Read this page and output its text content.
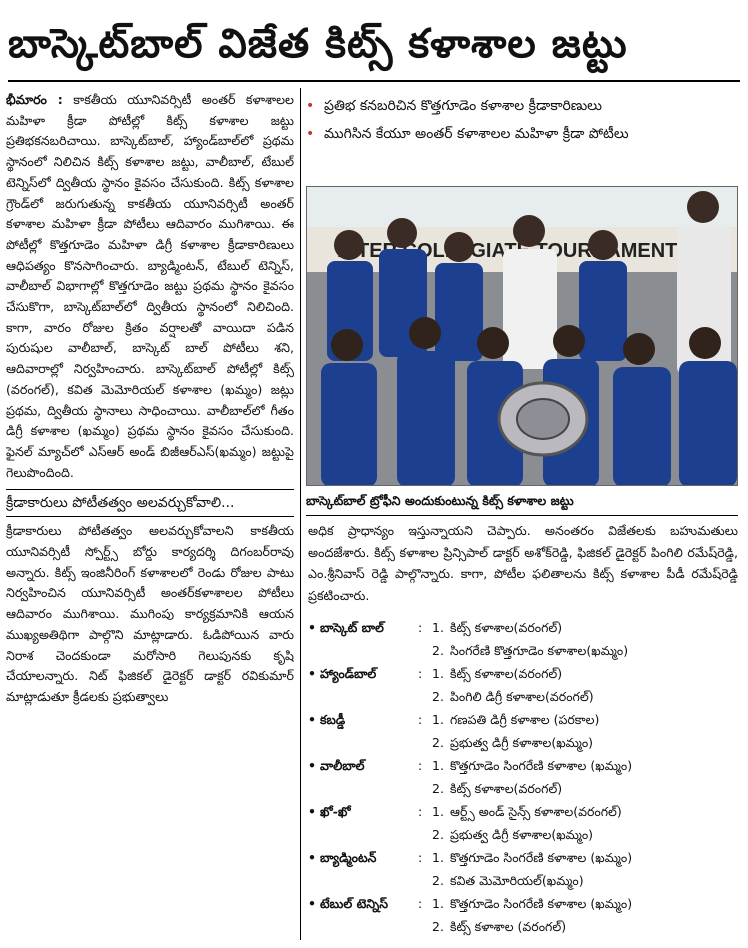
బాస్కెట్‌బాల్ విజేత కిట్స్ కళాశాల జట్టు

భీమారం : కాకతీయ యూనివర్సిటీ అంతర్ కళాశాలల మహిళా క్రీడా పోటీల్లో కిట్స్ కళాశాల జట్టు ప్రతిభకనబరిచాయి. బాస్కెట్‌బాల్, హ్యాండ్‌బాల్‌లో ప్రథమ స్థానంలో నిలిచిన కిట్స్ కళాశాల జట్టు, వాలీబాల్, టేబుల్ టెన్నిస్‌లో ద్వితీయ స్థానం కైవసం చేసుకుంది. కిట్స్ కళాశాల గ్రౌండ్‌లో జరుగుతున్న కాకతీయ యూనివర్సిటీ అంతర్ కళాశాల మహిళా క్రీడా పోటీలు ఆదివారం ముగిశాయి. ఈ పోటీల్లో కొత్తగూడెం మహిళా డిగ్రీ కళాశాల క్రీడాకారిణులు ఆధిపత్యం కొనసాగించారు. బ్యాడ్మింటన్, టేబుల్ టెన్నిస్, వాలీబాల్ విభాగాల్లో కొత్తగూడెం జట్టు ప్రథమ స్థానం కైవసం చేసుకొగా, బాస్కెట్‌బాల్‌లో ద్వితీయ స్థానంలో నిలిచింది. కాగా, వారం రోజుల క్రితం వర్షాలతో వాయిదా పడిన పురుషుల వాలీబాల్, బాస్కెట్ బాల్ పోటీలు శని, ఆదివారాల్లో నిర్వహించారు. బాస్కెట్‌బాల్ పోటీల్లో కిట్స్ (వరంగల్), కవిత మెమోరియల్ కళాశాల (ఖమ్మం) జట్లు ప్రథమ, ద్వితీయ స్థానాలు సాధించాయి. వాలీబాల్‌లో గీతం డిగ్రీ కళాశాల (ఖమ్మం) ప్రథమ స్థానం కైవసం చేసుకుంది. ఫైనల్ మ్యాచ్‌లో ఎస్‌ఆర్ అండ్ బిజీఆర్ఎస్(ఖమ్మం) జట్టుపై గెలుపొందింది.

క్రీడాకారులు పోటీతత్వం అలవర్చుకోవాలి...

క్రీడాకారులు పోటీతత్వం అలవర్చుకోవాలని కాకతీయ యూనివర్సిటీ స్పోర్ట్స్ బోర్డు కార్యదర్శి దిగంబర్‌రావు అన్నారు. కిట్స్ ఇంజినీరింగ్ కళాశాలలో రెండు రోజుల పాటు నిర్వహించిన యూనివర్సిటీ అంతర్‌కళాశాలల పోటీలు ఆదివారం ముగిశాయి. ముగింపు కార్యక్రమానికి ఆయన ముఖ్యఅతిథిగా పాల్గొని మాట్లాడారు. ఓడిపోయిన వారు నిరాశ చెందకుండా మరోసారి గెలుపునకు కృషి చేయాలన్నారు. నిట్ ఫిజికల్ డైరెక్టర్ డాక్టర్ రవికుమార్ మాట్లాడుతూ క్రీడలకు ప్రభుత్వాలు

• ప్రతిభ కనబరిచిన కొత్తగూడెం కళాశాల క్రీడాకారిణులు
• ముగిసిన కేయూ అంతర్ కళాశాలల మహిళా క్రీడా పోటీలు
INTER
బాస్కెట్‌బాల్ ట్రోఫీని అందుకుంటున్న కిట్స్ కళాశాల జట్టు
అధిక ప్రాధాన్యం ఇస్తున్నాయని చెప్పారు. అనంతరం విజేతలకు బహుమతులు అందజేశారు. కిట్స్ కళాశాల ప్రిన్సిపాల్ డాక్టర్ అశోక్‌రెడ్డి, ఫిజికల్ డైరెక్టర్ పింగిలి రమేష్‌రెడ్డి, ఎం.శ్రీనివాస్ రెడ్డి పాల్గొన్నారు. కాగా, పోటీల ఫలితాలను కిట్స్ కళాశాల పీడీ రమేష్‌రెడ్డి ప్రకటించారు.
• బాస్కెట్ బాల్	: 1. కిట్స్ కళాశాల(వరంగల్)
2. సింగరేణి కొత్తగూడెం కళాశాల(ఖమ్మం)
• హ్యాండ్‌బాల్	: 1. కిట్స్ కళాశాల(వరంగల్)
2. పింగిలి డిగ్రీ కళాశాల(వరంగల్)
• కబడ్డీ	: 1. గణపతి డిగ్రీ కళాశాల (పరకాల)
2. ప్రభుత్వ డిగ్రీ కళాశాల(ఖమ్మం)
• వాలీబాల్	: 1. కొత్తగూడెం సింగరేణి కళాశాల (ఖమ్మం)
2. కిట్స్ కళాశాల(వరంగల్)
• ఖో-ఖో	: 1. ఆర్ట్స్ అండ్ సైన్స్ కళాశాల(వరంగల్)
2. ప్రభుత్వ డిగ్రీ కళాశాల(ఖమ్మం)
• బ్యాడ్మింటన్	: 1. కొత్తగూడెం సింగరేణి కళాశాల (ఖమ్మం)
2. కవిత మెమోరియల్(ఖమ్మం)
• టేబుల్ టెన్నిస్	: 1. కొత్తగూడెం సింగరేణి కళాశాల (ఖమ్మం)
2. కిట్స్ కళాశాల (వరంగల్)
